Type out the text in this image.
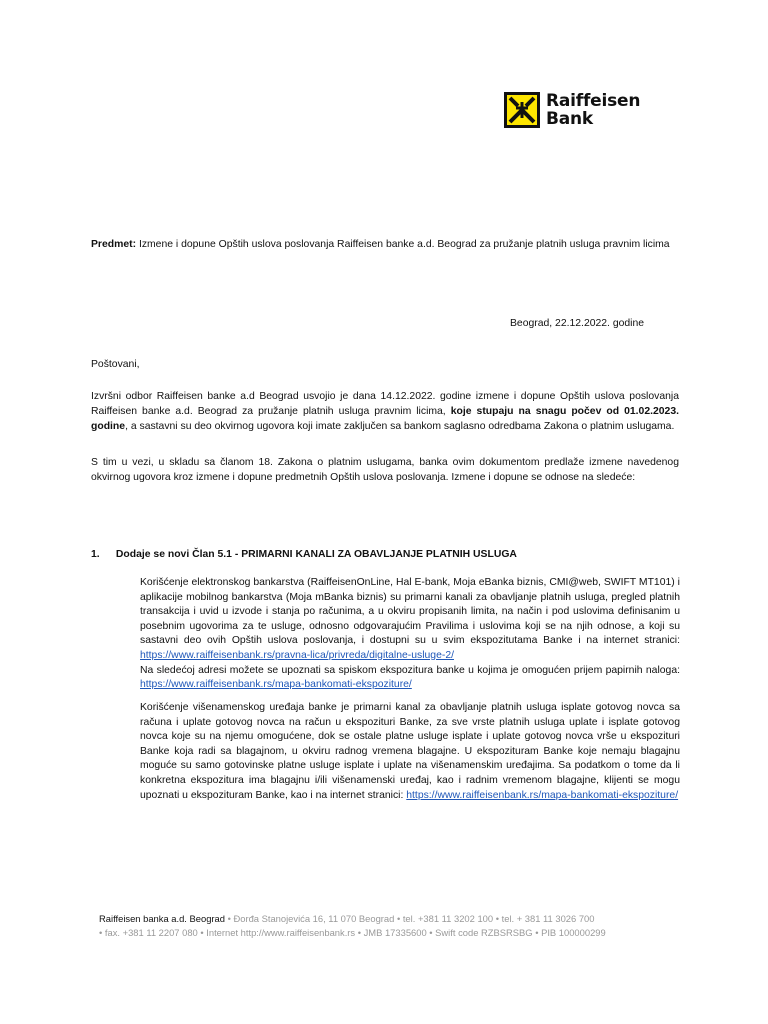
Raiffeisen
Bank
Predmet: Izmene i dopune Opštih uslova poslovanja Raiffeisen banke a.d. Beograd za pružanje platnih usluga pravnim licima
Beograd, 22.12.2022. godine
Poštovani,
Izvršni odbor Raiffeisen banke a.d Beograd usvojio je dana 14.12.2022. godine izmene i dopune Opštih uslova poslovanja Raiffeisen banke a.d. Beograd za pružanje platnih usluga pravnim licima, koje stupaju na snagu počev od 01.02.2023. godine, a sastavni su deo okvirnog ugovora koji imate zaključen sa bankom saglasno odredbama Zakona o platnim uslugama.
S tim u vezi, u skladu sa članom 18. Zakona o platnim uslugama, banka ovim dokumentom predlaže izmene navedenog okvirnog ugovora kroz izmene i dopune predmetnih Opštih uslova poslovanja. Izmene i dopune se odnose na sledeće:
1. Dodaje se novi Član 5.1 - PRIMARNI KANALI ZA OBAVLJANJE PLATNIH USLUGA
Korišćenje elektronskog bankarstva (RaiffeisenOnLine, Hal E-bank, Moja eBanka biznis, CMI@web, SWIFT MT101) i aplikacije mobilnog bankarstva (Moja mBanka biznis) su primarni kanali za obavljanje platnih usluga, pregled platnih transakcija i uvid u izvode i stanja po računima, a u okviru propisanih limita, na način i pod uslovima definisanim u posebnim ugovorima za te usluge, odnosno odgovarajućim Pravilima i uslovima koji se na njih odnose, a koji su sastavni deo ovih Opštih uslova poslovanja, i dostupni su u svim ekspozitutama Banke i na internet stranici: https://www.raiffeisenbank.rs/pravna-lica/privreda/digitalne-usluge-2/
Na sledećoj adresi možete se upoznati sa spiskom ekspozitura banke u kojima je omogućen prijem papirnih naloga: https://www.raiffeisenbank.rs/mapa-bankomati-ekspoziture/
Korišćenje višenamenskog uređaja banke je primarni kanal za obavljanje platnih usluga isplate gotovog novca sa računa i uplate gotovog novca na račun u ekspozituri Banke, za sve vrste platnih usluga uplate i isplate gotovog novca koje su na njemu omogućene, dok se ostale platne usluge isplate i uplate gotovog novca vrše u ekspozituri Banke koja radi sa blagajnom, u okviru radnog vremena blagajne. U ekspozituram Banke koje nemaju blagajnu moguće su samo gotovinske platne usluge isplate i uplate na višenamenskim uređajima. Sa podatkom o tome da li konkretna ekspozitura ima blagajnu i/ili višenamenski uređaj, kao i radnim vremenom blagajne, klijenti se mogu upoznati u ekspozituram Banke, kao i na internet stranici: https://www.raiffeisenbank.rs/mapa-bankomati-ekspoziture/
Raiffeisen banka a.d. Beograd • Đorđa Stanojevića 16, 11 070 Beograd • tel. +381 11 3202 100 • tel. + 381 11 3026 700
• fax. +381 11 2207 080 • Internet http://www.raiffeisenbank.rs • JMB 17335600 • Swift code RZBSRSBG • PIB 100000299
